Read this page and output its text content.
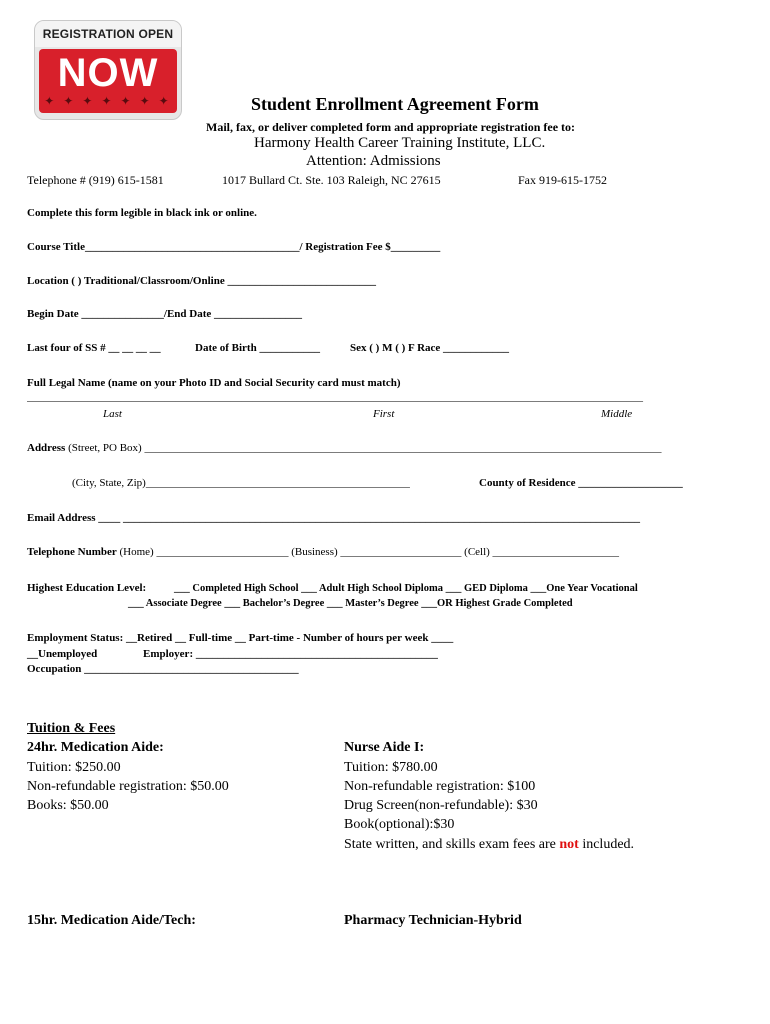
REGISTRATION OPEN
NOW
✦ ✦ ✦ ✦ ✦ ✦ ✦	Student Enrollment Agreement Form
Mail, fax, or deliver completed form and appropriate registration fee to:
Harmony Health Career Training Institute, LLC.
Attention: Admissions
Telephone # (919) 615-1581	1017 Bullard Ct. Ste. 103 Raleigh, NC 27615	Fax 919-615-1752
Complete this form legible in black ink or online.
Course Title_______________________________________/ Registration Fee $_________
Location ( ) Traditional/Classroom/Online ___________________________
Begin Date _______________/End Date ________________
Last four of SS # __ __ __ __	Date of Birth ___________	Sex ( ) M ( ) F Race ____________
Full Legal Name (name on your Photo ID and Social Security card must match)
________________________________________________________________________________________________________________
Last	First	Middle
Address (Street, PO Box) ______________________________________________________________________________________________
(City, State, Zip)________________________________________________	County of Residence ___________________
Email Address ____ ______________________________________________________________________________________________
Telephone Number (Home) ________________________ (Business) ______________________ (Cell) _______________________
Highest Education Level:	___ Completed High School ___ Adult High School Diploma ___ GED Diploma ___One Year Vocational
___ Associate Degree ___ Bachelor’s Degree ___ Master’s Degree ___OR Highest Grade Completed
Employment Status: __Retired __ Full-time __ Part-time - Number of hours per week ____
__Unemployed	Employer: ____________________________________________
Occupation _______________________________________
Tuition & Fees
24hr. Medication Aide:
Tuition: $250.00
Non-refundable registration: $50.00
Books: $50.00
Nurse Aide I:
Tuition: $780.00
Non-refundable registration: $100
Drug Screen(non-refundable): $30
Book(optional):$30
State written, and skills exam fees are not included.
15hr. Medication Aide/Tech:	Pharmacy Technician-Hybrid
